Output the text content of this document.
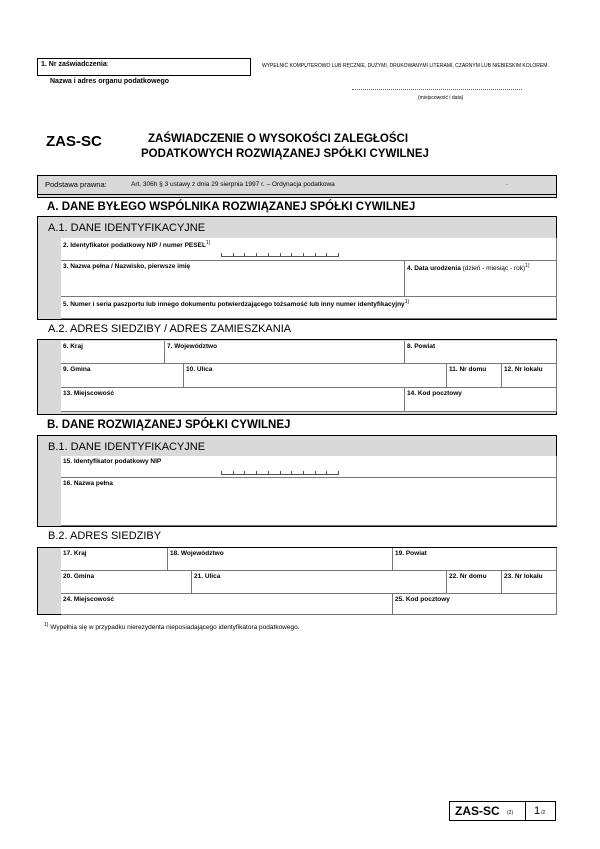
1. Nr zaświadczenia:	WYPEŁNIĆ KOMPUTEROWO LUB RĘCZNIE, DUŻYMI, DRUKOWANYMI LITERAMI, CZARNYM LUB NIEBIESKIM KOLOREM.
Nazwa i adres organu podatkowego
(miejscowość i data)
ZAS-SC	ZAŚWIADCZENIE O WYSOKOŚCI ZALEGŁOŚCI
PODATKOWYCH ROZWIĄZANEJ SPÓŁKI CYWILNEJ
Podstawa prawna:	Art. 306h § 3 ustawy z dnia 29 sierpnia 1997 r. – Ordynacja podatkowa	.
A. DANE BYŁEGO WSPÓLNIKA ROZWIĄZANEJ SPÓŁKI CYWILNEJ
A.1. DANE IDENTYFIKACYJNE
2. Identyfikator podatkowy NIP / numer PESEL$^{1)}$
3. Nazwa pełna / Nazwisko, pierwsze imię	4. Data urodzenia (dzień - miesiąc - rok)$^{1)}$
5. Numer i seria paszportu lub innego dokumentu potwierdzającego tożsamość lub inny numer identyfikacyjny$^{1)}$
A.2. ADRES SIEDZIBY / ADRES ZAMIESZKANIA
6. Kraj	7. Województwo	8. Powiat
9. Gmina	10. Ulica	11. Nr domu	12. Nr lokalu
13. Miejscowość	14. Kod pocztowy
B. DANE ROZWIĄZANEJ SPÓŁKI CYWILNEJ
B.1. DANE IDENTYFIKACYJNE
15. Identyfikator podatkowy NIP
16. Nazwa pełna
B.2. ADRES SIEDZIBY
17. Kraj	18. Województwo	19. Powiat
20. Gmina	21. Ulica	22. Nr domu	23. Nr lokalu
24. Miejscowość	25. Kod pocztowy
$^{1)}$ Wypełnia się w przypadku nierezydenta nieposiadającego identyfikatora podatkowego.
ZAS-SC (2) 1 /2
